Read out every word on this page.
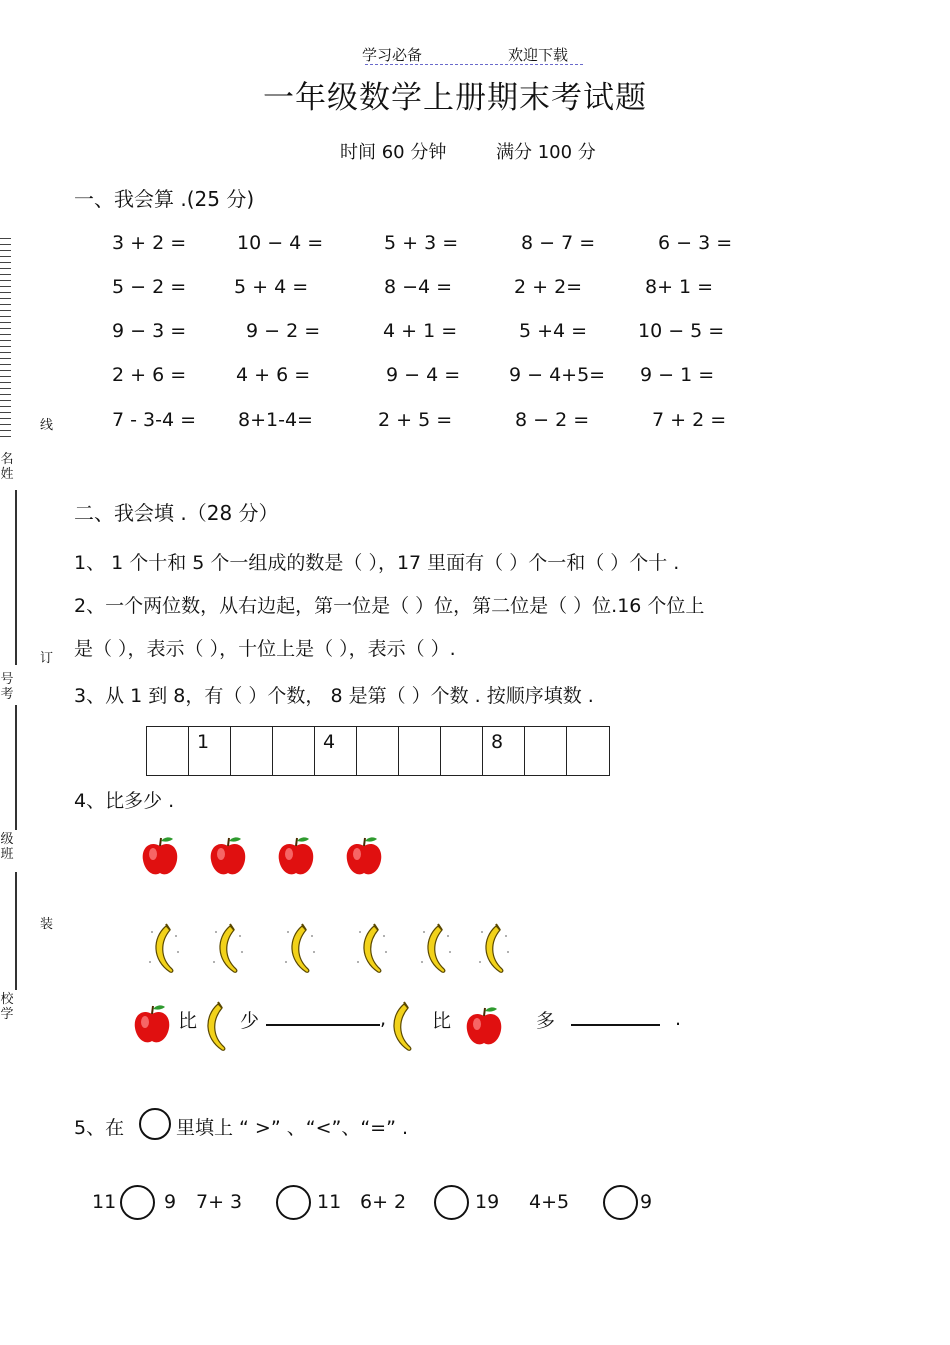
学习必备	欢迎下载
一年级数学上册期末考试题
时间 60 分钟	满分 100 分
名姓
号考
级班
校学
线
订
装
一、我会算 .(25 分)
3 + 2 =	10 − 4 =	5 + 3 =	8 − 7 =	6 − 3 =
5 − 2 =	5 + 4 =	8 −4 =	2 + 2=	8+ 1 =
9 − 3 =	9 − 2 =	4 + 1 =	5 +4 =	10 − 5 =
2 + 6 =	4 + 6 =	9 − 4 =	9 − 4+5= 9 − 1 =
7 - 3-4 = 8+1-4=	2 + 5 =	8 − 2 =	7 + 2 =
二、我会填 .（28 分）
1、 1 个十和 5 个一组成的数是（ ），17 里面有（ ）个一和（ ）个十 .
2、一个两位数，从右边起，第一位是（ ）位，第二位是（ ）位.16 个位上
是（ ），表示（ ），十位上是（ ），表示（ ）.
3、从 1 到 8，有（ ）个数， 8 是第（ ）个数 . 按顺序填数 .
1	4	8
4、比多少 .
比 少	, 比	多	.
5、在	里填上 “ >” 、“<”、“=” .
11	9 7+ 3	11 6+ 2	19 4+5	9
